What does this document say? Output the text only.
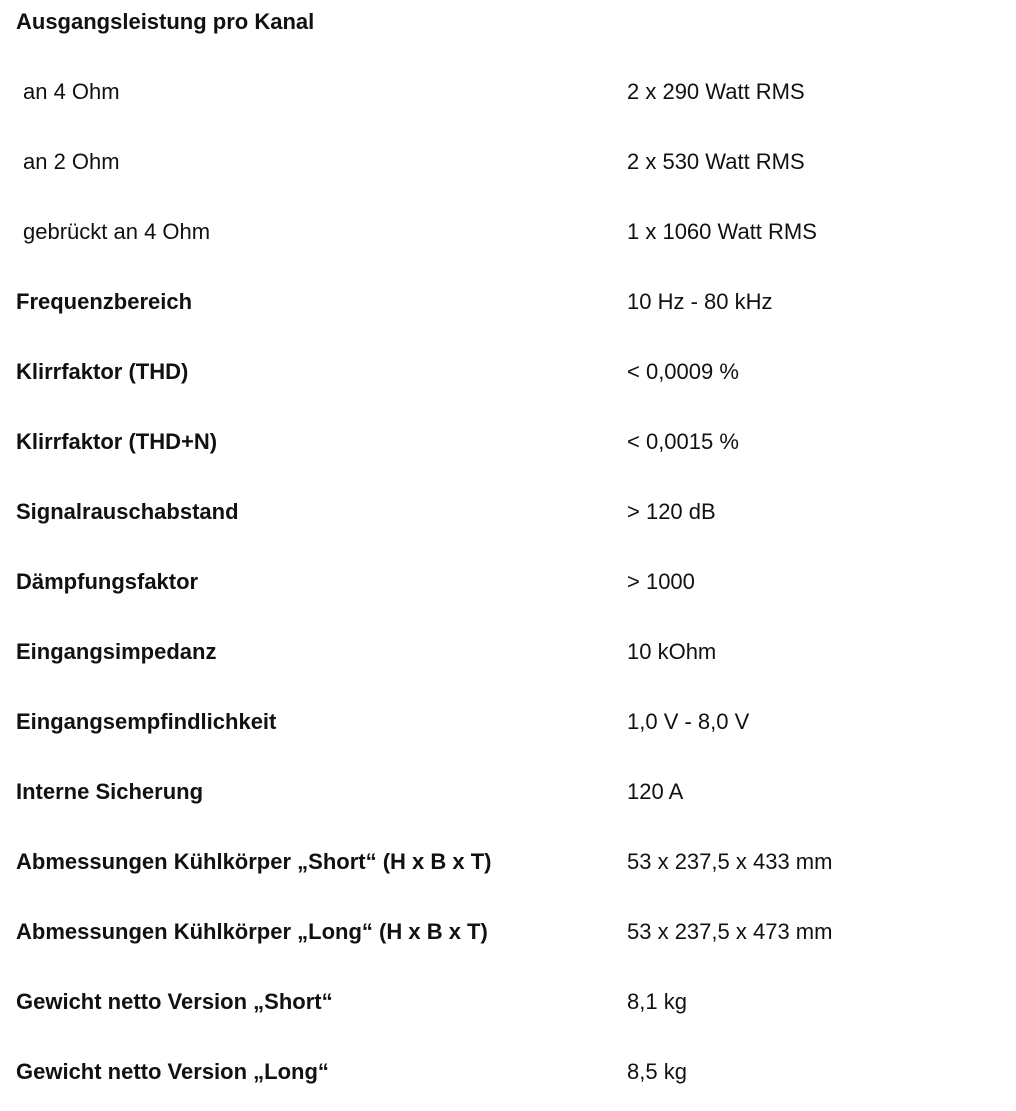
Ausgangsleistung pro Kanal
an 4 Ohm	2 x 290 Watt RMS
an 2 Ohm	2 x 530 Watt RMS
gebrückt an 4 Ohm	1 x 1060 Watt RMS
Frequenzbereich	10 Hz - 80 kHz
Klirrfaktor (THD)	< 0,0009 %
Klirrfaktor (THD+N)	< 0,0015 %
Signalrauschabstand	> 120 dB
Dämpfungsfaktor	> 1000
Eingangsimpedanz	10 kOhm
Eingangsempfindlichkeit	1,0 V - 8,0 V
Interne Sicherung	120 A
Abmessungen Kühlkörper „Short“ (H x B x T)	53 x 237,5 x 433 mm
Abmessungen Kühlkörper „Long“ (H x B x T)	53 x 237,5 x 473 mm
Gewicht netto Version „Short“	8,1 kg
Gewicht netto Version „Long“	8,5 kg
